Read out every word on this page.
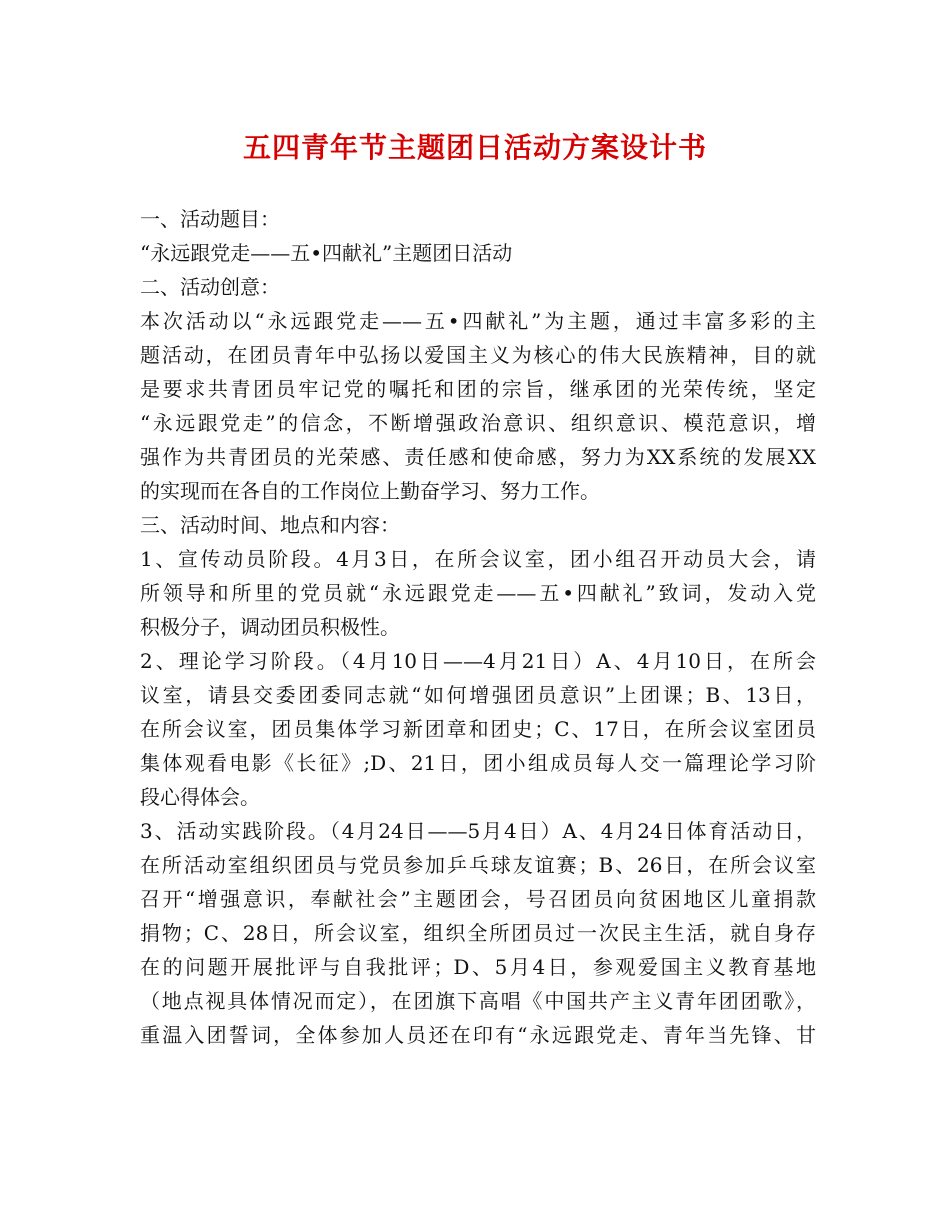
五四青年节主题团日活动方案设计书
一、活动题目：
“永远跟党走——五•四献礼”主题团日活动
二、活动创意：
本次活动以“永远跟党走——五•四献礼”为主题，通过丰富多彩的主
题活动，在团员青年中弘扬以爱国主义为核心的伟大民族精神，目的就
是要求共青团员牢记党的嘱托和团的宗旨，继承团的光荣传统，坚定
“永远跟党走”的信念，不断增强政治意识、组织意识、模范意识，增
强作为共青团员的光荣感、责任感和使命感，努力为XX系统的发展XX
的实现而在各自的工作岗位上勤奋学习、努力工作。
三、活动时间、地点和内容：
1、宣传动员阶段。4月3日，在所会议室，团小组召开动员大会，请
所领导和所里的党员就“永远跟党走——五•四献礼”致词，发动入党
积极分子，调动团员积极性。
2、理论学习阶段。（4月10日——4月21日）A、4月10日，在所会
议室，请县交委团委同志就“如何增强团员意识”上团课；B、13日，
在所会议室，团员集体学习新团章和团史；C、17日，在所会议室团员
集体观看电影《长征》;D、21日，团小组成员每人交一篇理论学习阶
段心得体会。
3、活动实践阶段。（4月24日——5月4日）A、4月24日体育活动日，
在所活动室组织团员与党员参加乒乓球友谊赛；B、26日，在所会议室
召开“增强意识，奉献社会”主题团会，号召团员向贫困地区儿童捐款
捐物；C、28日，所会议室，组织全所团员过一次民主生活，就自身存
在的问题开展批评与自我批评；D、5月4日，参观爱国主义教育基地
（地点视具体情况而定），在团旗下高唱《中国共产主义青年团团歌》，
重温入团誓词，全体参加人员还在印有“永远跟党走、青年当先锋、甘
